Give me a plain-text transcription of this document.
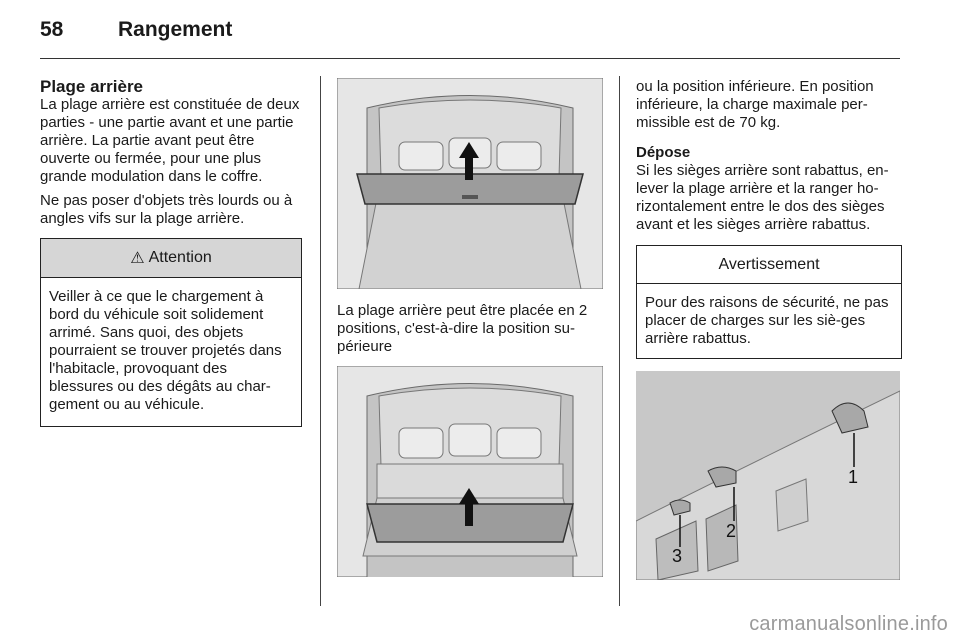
58	Rangement
Plage arrière

La plage arrière est constituée de deux parties - une partie avant et une partie arrière. La partie avant peut être ouverte ou fermée, pour une plus grande modulation dans le coffre.

Ne pas poser d'objets très lourds ou à angles vifs sur la plage arrière.

⚠ Attention
Veiller à ce que le chargement à bord du véhicule soit solidement arrimé. Sans quoi, des objets pourraient se trouver projetés dans l'habitacle, provoquant des blessures ou des dégâts au char-gement ou au véhicule.

La plage arrière peut être placée en 2 positions, c'est-à-dire la position su-périeure

ou la position inférieure. En position inférieure, la charge maximale per-missible est de 70 kg.

Dépose

Si les sièges arrière sont rabattus, en-lever la plage arrière et la ranger ho-rizontalement entre le dos des sièges avant et les sièges arrière rabattus.

Avertissement
Pour des raisons de sécurité, ne pas placer de charges sur les siè-ges arrière rabattus.
1
2
3
carmanualsonline.info
